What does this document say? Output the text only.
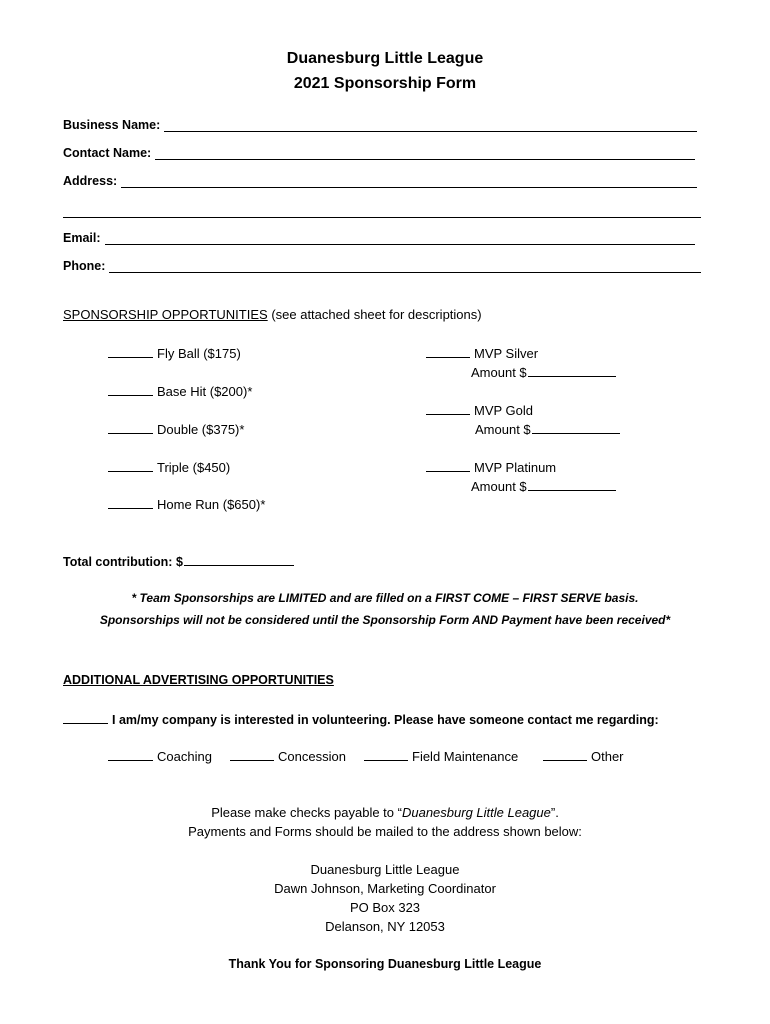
Duanesburg Little League
2021 Sponsorship Form
Business Name:
Contact Name:
Address:
Email:
Phone:
SPONSORSHIP OPPORTUNITIES (see attached sheet for descriptions)
Fly Ball ($175)
Base Hit ($200)*
Double ($375)*
Triple ($450)
Home Run ($650)*
MVP Silver
Amount $
MVP Gold
Amount $
MVP Platinum
Amount $
Total contribution: $
* Team Sponsorships are LIMITED and are filled on a FIRST COME – FIRST SERVE basis.
Sponsorships will not be considered until the Sponsorship Form AND Payment have been received*
ADDITIONAL ADVERTISING OPPORTUNITIES
I am/my company is interested in volunteering. Please have someone contact me regarding:
Coaching	Concession	Field Maintenance	Other
Please make checks payable to “Duanesburg Little League”.
Payments and Forms should be mailed to the address shown below:
Duanesburg Little League
Dawn Johnson, Marketing Coordinator
PO Box 323
Delanson, NY 12053
Thank You for Sponsoring Duanesburg Little League
